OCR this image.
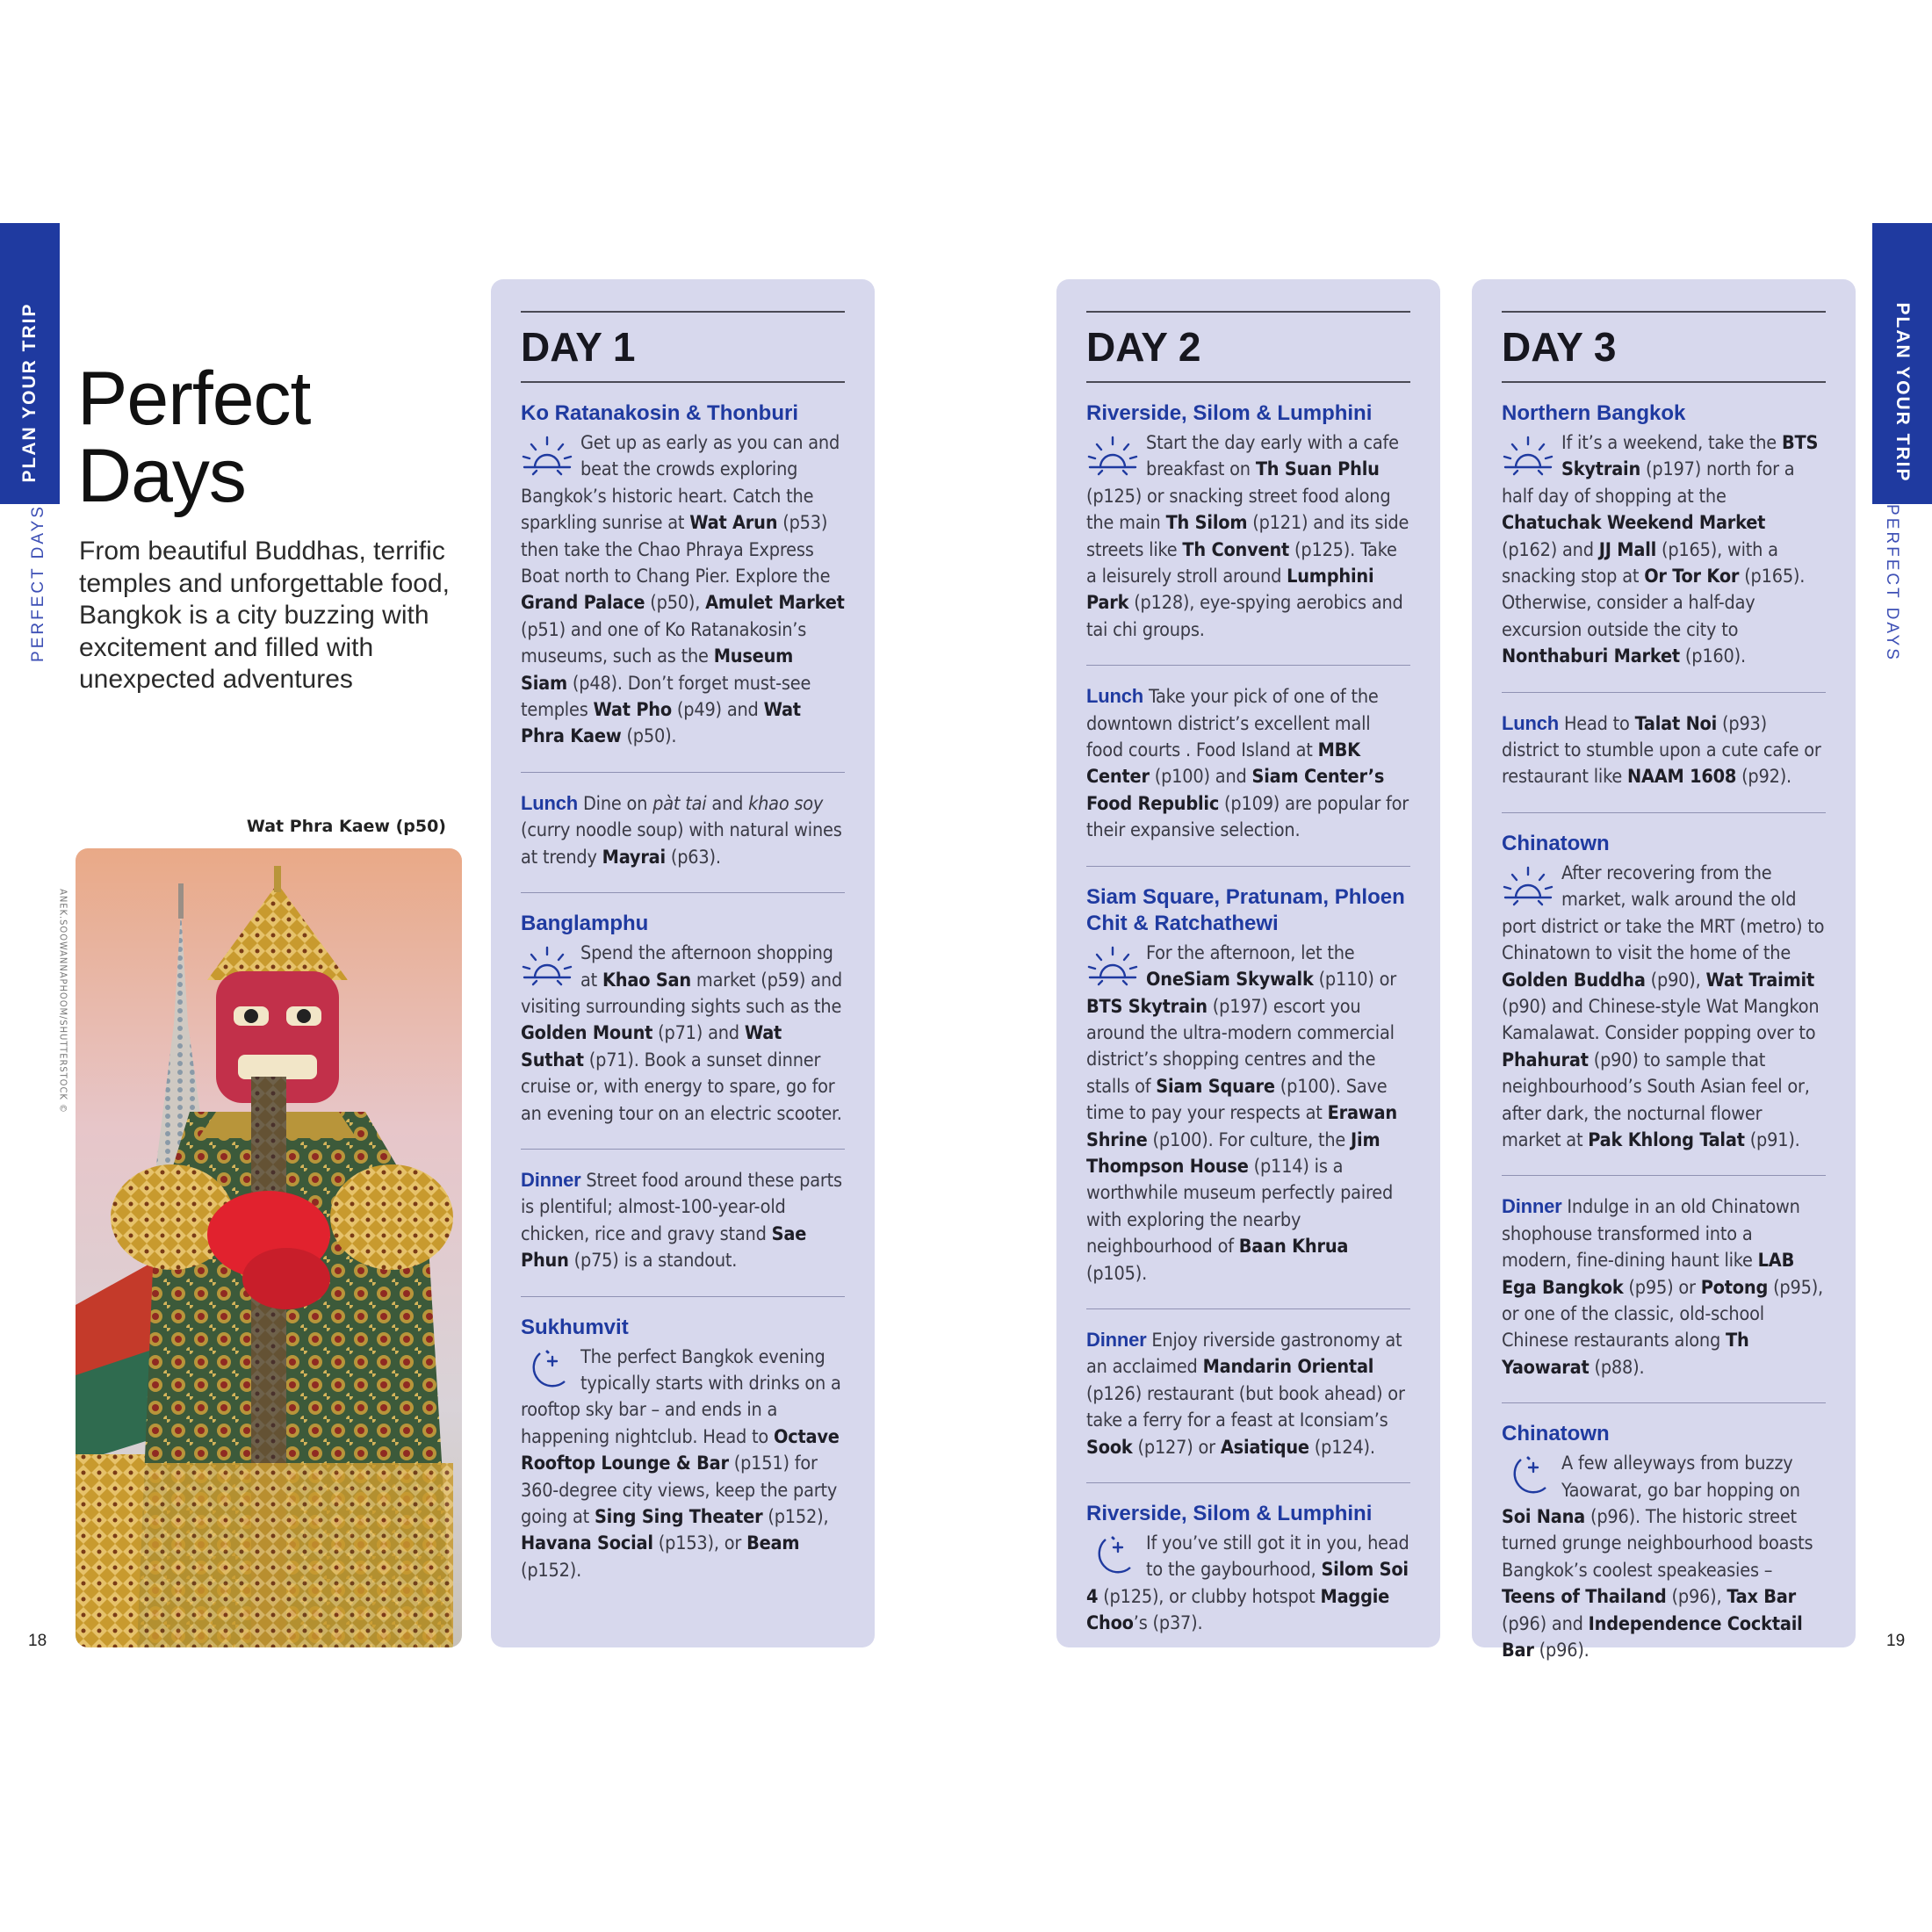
PLAN YOUR TRIP
PERFECT DAYS
PLAN YOUR TRIP
PERFECT DAYS
Perfect
Days

From beautiful Buddhas, terrific temples and unforgettable food, Bangkok is a city buzzing with excitement and filled with unexpected adventures

Wat Phra Kaew (p50)
ANEK.SOOWANNAPHOOM/SHUTTERSTOCK ©
18	19
DAY 1
Ko Ratanakosin & Thonburi

Get up as early as you can and beat the crowds exploring Bangkok’s historic heart. Catch the sparkling sunrise at Wat Arun (p53) then take the Chao Phraya Express Boat north to Chang Pier. Explore the Grand Palace (p50), Amulet Market (p51) and one of Ko Ratanakosin’s museums, such as the Museum Siam (p48). Don’t forget must-see temples Wat Pho (p49) and Wat Phra Kaew (p50).

Lunch Dine on pàt tai and khao soy (curry noodle soup) with natural wines at trendy Mayrai (p63).

Banglamphu

Spend the afternoon shopping at Khao San market (p59) and visiting surrounding sights such as the Golden Mount (p71) and Wat Suthat (p71). Book a sunset dinner cruise or, with energy to spare, go for an evening tour on an electric scooter.

Dinner Street food around these parts is plentiful; almost-100-year-old chicken, rice and gravy stand Sae Phun (p75) is a standout.

Sukhumvit

The perfect Bangkok evening typically starts with drinks on a rooftop sky bar – and ends in a happening nightclub. Head to Octave Rooftop Lounge & Bar (p151) for 360-degree city views, keep the party going at Sing Sing Theater (p152), Havana Social (p153), or Beam (p152).

DAY 2
Riverside, Silom & Lumphini

Start the day early with a cafe breakfast on Th Suan Phlu (p125) or snacking street food along the main Th Silom (p121) and its side streets like Th Convent (p125). Take a leisurely stroll around Lumphini Park (p128), eye-spying aerobics and tai chi groups.

Lunch Take your pick of one of the downtown district’s excellent mall food courts . Food Island at MBK Center (p100) and Siam Center’s Food Republic (p109) are popular for their expansive selection.

Siam Square, Pratunam, Phloen Chit & Ratchathewi

For the afternoon, let the OneSiam Skywalk (p110) or BTS Skytrain (p197) escort you around the ultra-modern commercial district’s shopping centres and the stalls of Siam Square (p100). Save time to pay your respects at Erawan Shrine (p100). For culture, the Jim Thompson House (p114) is a worthwhile museum perfectly paired with exploring the nearby neighbourhood of Baan Khrua (p105).

Dinner Enjoy riverside gastronomy at an acclaimed Mandarin Oriental (p126) restaurant (but book ahead) or take a ferry for a feast at Iconsiam’s Sook (p127) or Asiatique (p124).

Riverside, Silom & Lumphini

If you’ve still got it in you, head to the gaybourhood, Silom Soi 4 (p125), or clubby hotspot Maggie Choo’s (p37).

DAY 3
Northern Bangkok

If it’s a weekend, take the BTS Skytrain (p197) north for a half day of shopping at the Chatuchak Weekend Market (p162) and JJ Mall (p165), with a snacking stop at Or Tor Kor (p165). Otherwise, consider a half-day excursion outside the city to Nonthaburi Market (p160).

Lunch Head to Talat Noi (p93) district to stumble upon a cute cafe or restaurant like NAAM 1608 (p92).

Chinatown

After recovering from the market, walk around the old port district or take the MRT (metro) to Chinatown to visit the home of the Golden Buddha (p90), Wat Traimit (p90) and Chinese-style Wat Mangkon Kamalawat. Consider popping over to Phahurat (p90) to sample that neighbourhood’s South Asian feel or, after dark, the nocturnal flower market at Pak Khlong Talat (p91).

Dinner Indulge in an old Chinatown shophouse transformed into a modern, fine-dining haunt like LAB Ega Bangkok (p95) or Potong (p95), or one of the classic, old-school Chinese restaurants along Th Yaowarat (p88).

Chinatown

A few alleyways from buzzy Yaowarat, go bar hopping on Soi Nana (p96). The historic street turned grunge neighbourhood boasts Bangkok’s coolest speakeasies – Teens of Thailand (p96), Tax Bar (p96) and Independence Cocktail Bar (p96).
